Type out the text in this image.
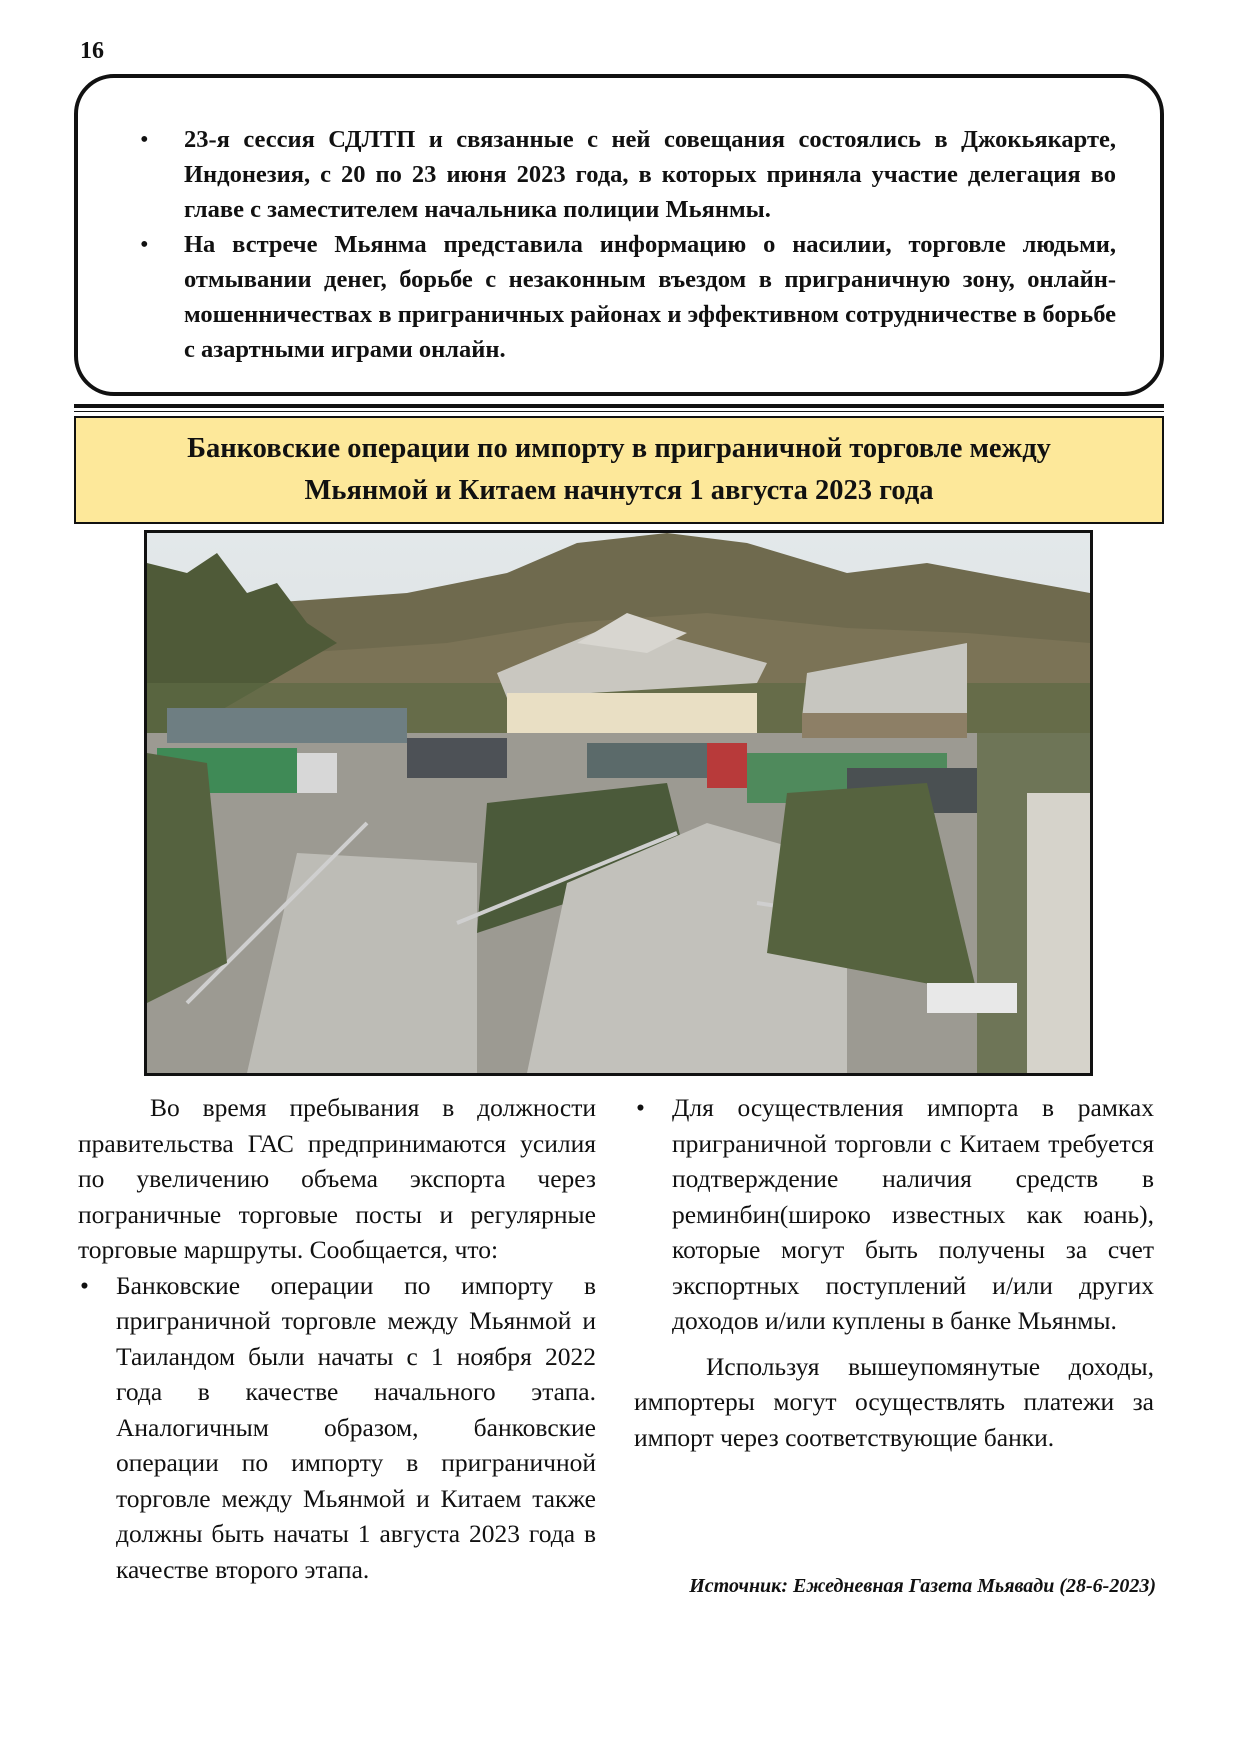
16
• 23-я сессия СДЛТП и связанные с ней совещания состоялись в Джокьякарте, Индонезия, с 20 по 23 июня 2023 года, в которых приняла участие делегация во главе с заместителем начальника полиции Мьянмы.
• На встрече Мьянма представила информацию о насилии, торговле людьми, отмывании денег, борьбе с незаконным въездом в приграничную зону, онлайн-мошенничествах в приграничных районах и эффективном сотрудничестве в борьбе с азартными играми онлайн.
Банковские операции по импорту в приграничной торговле между
Мьянмой и Китаем начнутся 1 августа 2023 года

Во время пребывания в должности правительства ГАС предпринимаются усилия по увеличению объема экспорта через пограничные торговые посты и регулярные торговые маршруты. Сообщается, что:

• Банковские операции по импорту в приграничной торговле между Мьянмой и Таиландом были начаты с 1 ноября 2022 года в качестве начального этапа. Аналогичным образом, банковские операции по импорту в приграничной торговле между Мьянмой и Китаем также должны быть начаты 1 августа 2023 года в качестве второго этапа.
• Для осуществления импорта в рамках приграничной торговли с Китаем требуется подтверждение наличия средств в реминбин(широко известных как юань), которые могут быть получены за счет экспортных поступлений и/или других доходов и/или куплены в банке Мьянмы.

Используя вышеупомянутые доходы, импортеры могут осуществлять платежи за импорт через соответствующие банки.

Источник: Ежедневная Газета Мьявади (28-6-2023)
